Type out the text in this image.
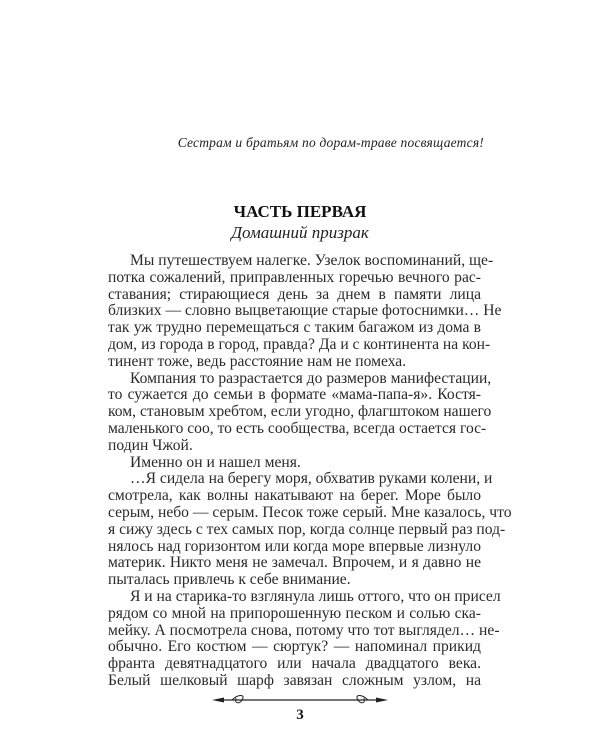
Сестрам и братьям по дорам-траве посвящается!
ЧАСТЬ ПЕРВАЯ
Домашний призрак
Мы путешествуем налегке. Узелок воспоминаний, ще-
потка сожалений, приправленных горечью вечного рас-
ставания; стирающиеся день за днем в памяти лица
близких — словно выцветающие старые фотоснимки… Не
так уж трудно перемещаться с таким багажом из дома в
дом, из города в город, правда? Да и с континента на кон-
тинент тоже, ведь расстояние нам не помеха.
Компания то разрастается до размеров манифестации,
то сужается до семьи в формате «мама-папа-я». Костя-
ком, становым хребтом, если угодно, флагштоком нашего
маленького соо, то есть сообщества, всегда остается гос-
подин Чжой.
Именно он и нашел меня.
…Я сидела на берегу моря, обхватив руками колени, и
смотрела, как волны накатывают на берег. Море было
серым, небо — серым. Песок тоже серый. Мне казалось, что
я сижу здесь с тех самых пор, когда солнце первый раз под-
нялось над горизонтом или когда море впервые лизнуло
материк. Никто меня не замечал. Впрочем, и я давно не
пыталась привлечь к себе внимание.
Я и на старика-то взглянула лишь оттого, что он присел
рядом со мной на припорошенную песком и солью ска-
мейку. А посмотрела снова, потому что тот выглядел… не-
обычно. Его костюм — сюртук? — напоминал прикид
франта девятнадцатого или начала двадцатого века.
Белый шелковый шарф завязан сложным узлом, на
3
